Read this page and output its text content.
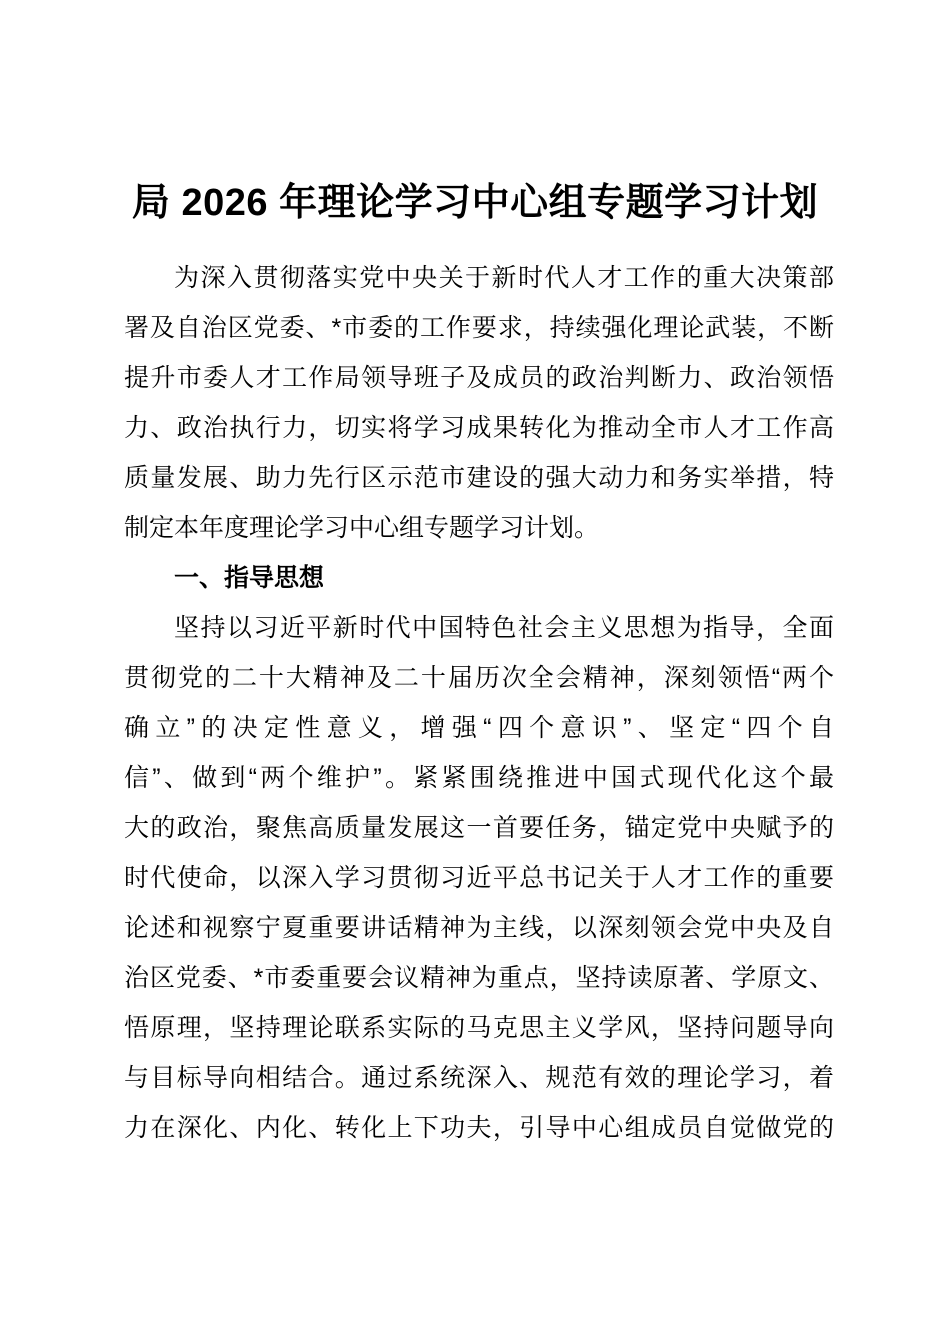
局 2026 年理论学习中心组专题学习计划
为深入贯彻落实党中央关于新时代人才工作的重大决策部
署及自治区党委、*市委的工作要求，持续强化理论武装，不断
提升市委人才工作局领导班子及成员的政治判断力、政治领悟
力、政治执行力，切实将学习成果转化为推动全市人才工作高
质量发展、助力先行区示范市建设的强大动力和务实举措，特
制定本年度理论学习中心组专题学习计划。
一、指导思想
坚持以习近平新时代中国特色社会主义思想为指导，全面
贯彻党的二十大精神及二十届历次全会精神，深刻领悟“两个
确立”的决定性意义，增强“四个意识”、坚定“四个自
信”、做到“两个维护”。紧紧围绕推进中国式现代化这个最
大的政治，聚焦高质量发展这一首要任务，锚定党中央赋予的
时代使命，以深入学习贯彻习近平总书记关于人才工作的重要
论述和视察宁夏重要讲话精神为主线，以深刻领会党中央及自
治区党委、*市委重要会议精神为重点，坚持读原著、学原文、
悟原理，坚持理论联系实际的马克思主义学风，坚持问题导向
与目标导向相结合。通过系统深入、规范有效的理论学习，着
力在深化、内化、转化上下功夫，引导中心组成员自觉做党的
